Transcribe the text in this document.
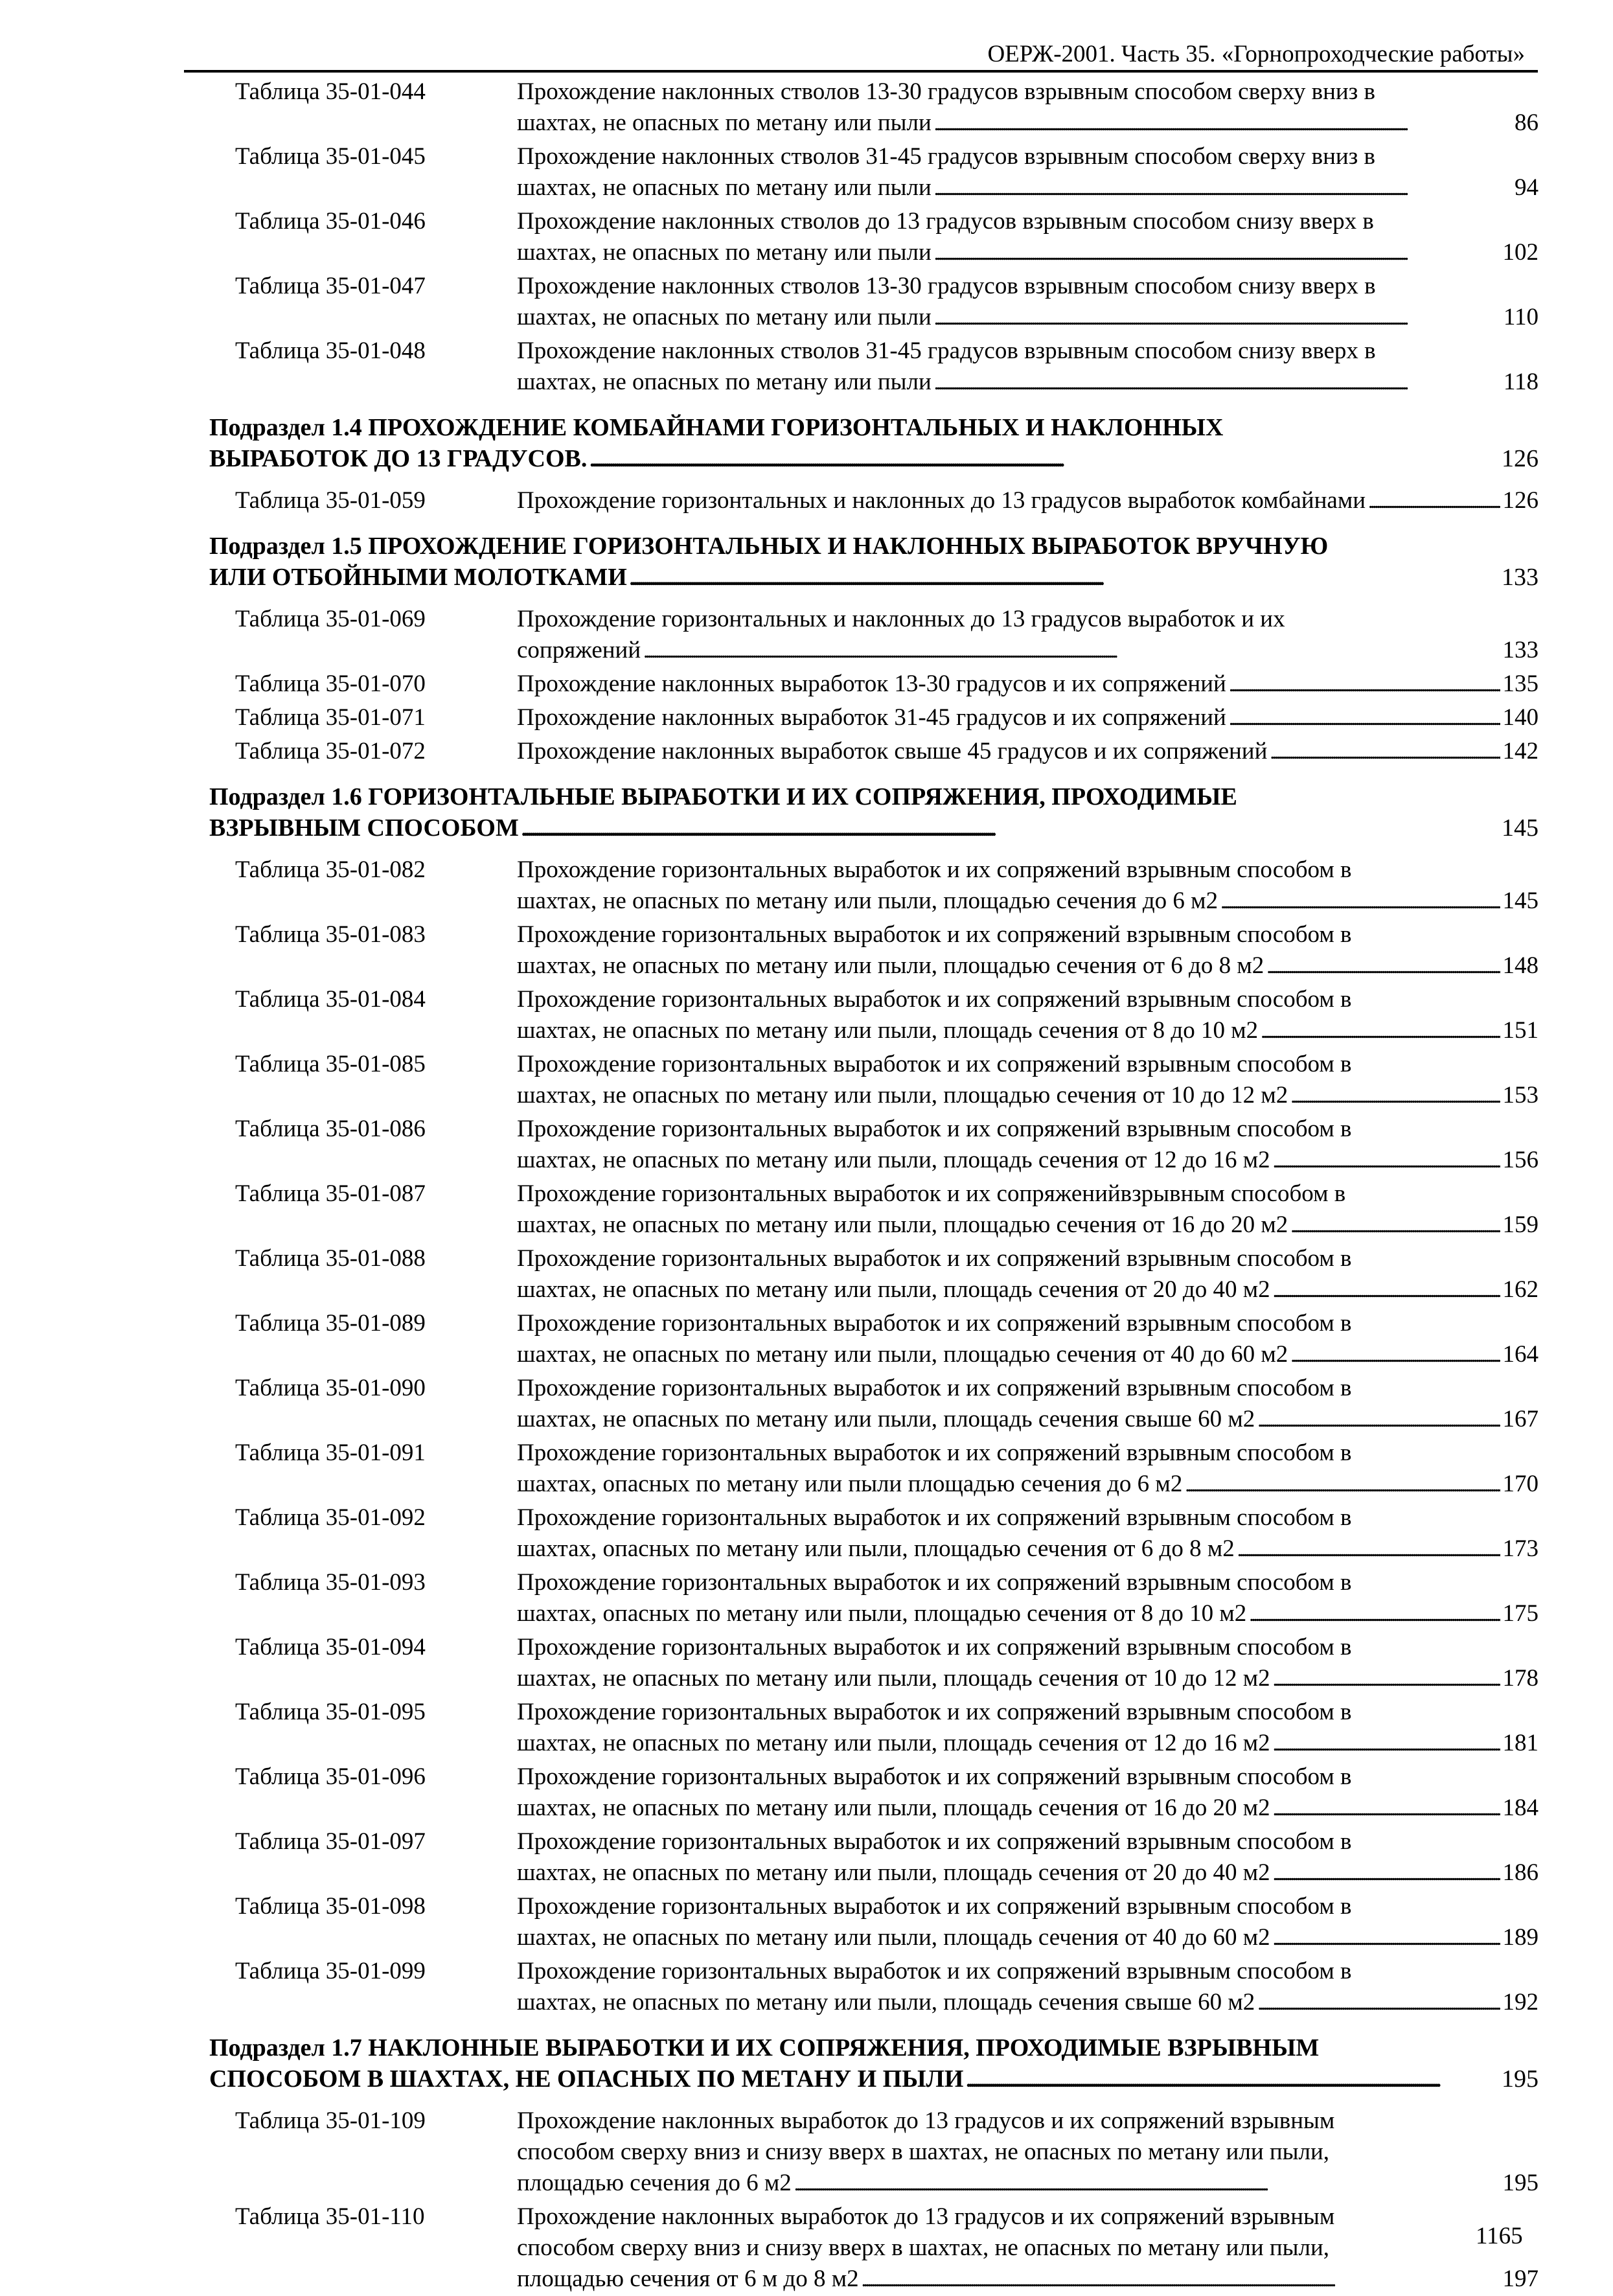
ОЕРЖ-2001. Часть 35. «Горнопроходческие работы»
Таблица 35-01-044	Прохождение наклонных стволов 13-30 градусов взрывным способом сверху вниз в
шахтах, не опасных по метану или пыли . . .	86
Таблица 35-01-045	Прохождение наклонных стволов 31-45 градусов взрывным способом сверху вниз в
шахтах, не опасных по метану или пыли . . .	94
Таблица 35-01-046	Прохождение наклонных стволов до 13 градусов взрывным способом снизу вверх в
шахтах, не опасных по метану или пыли . . .	102
Таблица 35-01-047	Прохождение наклонных стволов 13-30 градусов взрывным способом снизу вверх в
шахтах, не опасных по метану или пыли . . .	110
Таблица 35-01-048	Прохождение наклонных стволов 31-45 градусов взрывным способом снизу вверх в
шахтах, не опасных по метану или пыли . . .	118
Подраздел 1.4 ПРОХОЖДЕНИЕ КОМБАЙНАМИ ГОРИЗОНТАЛЬНЫХ И НАКЛОННЫХ
ВЫРАБОТОК ДО 13 ГРАДУСОВ. . . .	126
Таблица 35-01-059	Прохождение горизонтальных и наклонных до 13 градусов выработок комбайнами . . .	126
Подраздел 1.5 ПРОХОЖДЕНИЕ ГОРИЗОНТАЛЬНЫХ И НАКЛОННЫХ ВЫРАБОТОК ВРУЧНУЮ
ИЛИ ОТБОЙНЫМИ МОЛОТКАМИ . . .	133
Таблица 35-01-069	Прохождение горизонтальных и наклонных до 13 градусов выработок и их
сопряжений . . .	133
Таблица 35-01-070	Прохождение наклонных выработок 13-30 градусов и их сопряжений . . .	135
Таблица 35-01-071	Прохождение наклонных выработок 31-45 градусов и их сопряжений . . .	140
Таблица 35-01-072	Прохождение наклонных выработок свыше 45 градусов и их сопряжений . . .	142
Подраздел 1.6 ГОРИЗОНТАЛЬНЫЕ ВЫРАБОТКИ И ИХ СОПРЯЖЕНИЯ, ПРОХОДИМЫЕ
ВЗРЫВНЫМ СПОСОБОМ . . .	145
Таблица 35-01-082	Прохождение горизонтальных выработок и их сопряжений взрывным способом в
шахтах, не опасных по метану или пыли, площадью сечения до 6 м2 . . .	145
Таблица 35-01-083	Прохождение горизонтальных выработок и их сопряжений взрывным способом в
шахтах, не опасных по метану или пыли, площадью сечения от 6 до 8 м2 . . .	148
Таблица 35-01-084	Прохождение горизонтальных выработок и их сопряжений взрывным способом в
шахтах, не опасных по метану или пыли, площадь сечения от 8 до 10 м2 . . .	151
Таблица 35-01-085	Прохождение горизонтальных выработок и их сопряжений взрывным способом в
шахтах, не опасных по метану или пыли, площадью сечения от 10 до 12 м2 . . .	153
Таблица 35-01-086	Прохождение горизонтальных выработок и их сопряжений взрывным способом в
шахтах, не опасных по метану или пыли, площадь сечения от 12 до 16 м2 . . .	156
Таблица 35-01-087	Прохождение горизонтальных выработок и их сопряженийвзрывным способом в
шахтах, не опасных по метану или пыли, площадью сечения от 16 до 20 м2 . . .	159
Таблица 35-01-088	Прохождение горизонтальных выработок и их сопряжений взрывным способом в
шахтах, не опасных по метану или пыли, площадь сечения от 20 до 40 м2 . . .	162
Таблица 35-01-089	Прохождение горизонтальных выработок и их сопряжений взрывным способом в
шахтах, не опасных по метану или пыли, площадью сечения от 40 до 60 м2 . . .	164
Таблица 35-01-090	Прохождение горизонтальных выработок и их сопряжений взрывным способом в
шахтах, не опасных по метану или пыли, площадь сечения свыше 60 м2 . . .	167
Таблица 35-01-091	Прохождение горизонтальных выработок и их сопряжений взрывным способом в
шахтах, опасных по метану или пыли площадью сечения до 6 м2 . . .	170
Таблица 35-01-092	Прохождение горизонтальных выработок и их сопряжений взрывным способом в
шахтах, опасных по метану или пыли, площадью сечения от 6 до 8 м2 . . .	173
Таблица 35-01-093	Прохождение горизонтальных выработок и их сопряжений взрывным способом в
шахтах, опасных по метану или пыли, площадью сечения от 8 до 10 м2 . . .	175
Таблица 35-01-094	Прохождение горизонтальных выработок и их сопряжений взрывным способом в
шахтах, не опасных по метану или пыли, площадь сечения от 10 до 12 м2 . . .	178
Таблица 35-01-095	Прохождение горизонтальных выработок и их сопряжений взрывным способом в
шахтах, не опасных по метану или пыли, площадь сечения от 12 до 16 м2 . . .	181
Таблица 35-01-096	Прохождение горизонтальных выработок и их сопряжений взрывным способом в
шахтах, не опасных по метану или пыли, площадь сечения от 16 до 20 м2 . . .	184
Таблица 35-01-097	Прохождение горизонтальных выработок и их сопряжений взрывным способом в
шахтах, не опасных по метану или пыли, площадь сечения от 20 до 40 м2 . . .	186
Таблица 35-01-098	Прохождение горизонтальных выработок и их сопряжений взрывным способом в
шахтах, не опасных по метану или пыли, площадь сечения от 40 до 60 м2 . . .	189
Таблица 35-01-099	Прохождение горизонтальных выработок и их сопряжений взрывным способом в
шахтах, не опасных по метану или пыли, площадь сечения свыше 60 м2 . . .	192
Подраздел 1.7 НАКЛОННЫЕ ВЫРАБОТКИ И ИХ СОПРЯЖЕНИЯ, ПРОХОДИМЫЕ ВЗРЫВНЫМ
СПОСОБОМ В ШАХТАХ, НЕ ОПАСНЫХ ПО МЕТАНУ И ПЫЛИ . . .	195
Таблица 35-01-109	Прохождение наклонных выработок до 13 градусов и их сопряжений взрывным
способом сверху вниз и снизу вверх в шахтах, не опасных по метану или пыли,
площадью сечения до 6 м2 . . .	195
Таблица 35-01-110	Прохождение наклонных выработок до 13 градусов и их сопряжений взрывным
способом сверху вниз и снизу вверх в шахтах, не опасных по метану или пыли,
площадью сечения от 6 м до 8 м2 . . .	197
1165
